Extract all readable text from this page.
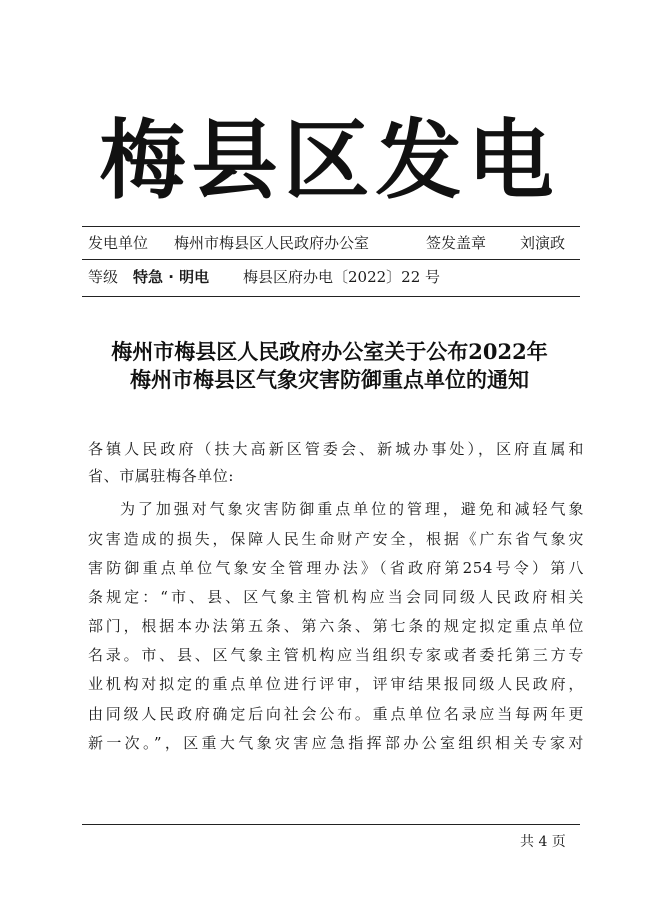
梅县区发电
发电单位 梅州市梅县区人民政府办公室	签发盖章 刘演政
等级 特急 · 明电 梅县区府办电〔2022〕22 号
梅州市梅县区人民政府办公室关于公布2022年
梅州市梅县区气象灾害防御重点单位的通知
各镇人民政府（扶大高新区管委会、新城办事处），区府直属和
省、市属驻梅各单位:
为了加强对气象灾害防御重点单位的管理，避免和减轻气象
灾害造成的损失，保障人民生命财产安全，根据《广东省气象灾
害防御重点单位气象安全管理办法》（省政府第254号令）第八
条规定：“市、县、区气象主管机构应当会同同级人民政府相关
部门，根据本办法第五条、第六条、第七条的规定拟定重点单位
名录。市、县、区气象主管机构应当组织专家或者委托第三方专
业机构对拟定的重点单位进行评审，评审结果报同级人民政府，
由同级人民政府确定后向社会公布。重点单位名录应当每两年更
新一次。”，区重大气象灾害应急指挥部办公室组织相关专家对
共 4 页
